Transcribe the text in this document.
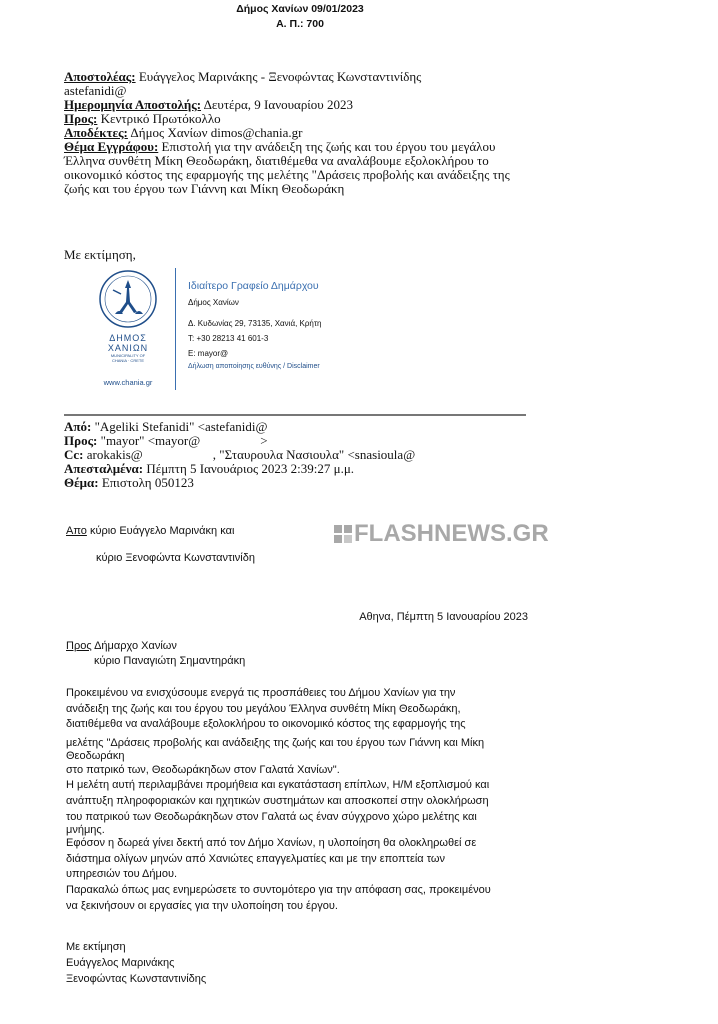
Δήμος Χανίων 09/01/2023
Α. Π.: 700
Αποστολέας: Ευάγγελος Μαρινάκης - Ξενοφώντας Κωνσταντινίδης
astefanidi@
Ημερομηνία Αποστολής: Δευτέρα, 9 Ιανουαρίου 2023
Προς: Κεντρικό Πρωτόκολλο
Αποδέκτες: Δήμος Χανίων dimos@chania.gr
Θέμα Εγγράφου: Επιστολή για την ανάδειξη της ζωής και του έργου του μεγάλου
Έλληνα συνθέτη Μίκη Θεοδωράκη, διατιθέμεθα να αναλάβουμε εξολοκλήρου το
οικονομικό κόστος της εφαρμογής της μελέτης "Δράσεις προβολής και ανάδειξης της
ζωής και του έργου των Γιάννη και Μίκη Θεοδωράκη
Με εκτίμηση,
ΔΗΜΟΣ
ΧΑΝΙΩΝ
MUNICIPALITY OF
CHANIA · CRETE
www.chania.gr
Ιδιαίτερο Γραφείο Δημάρχου
Δήμος Χανίων
Δ. Κυδωνίας 29, 73135, Χανιά, Κρήτη
T: +30 28213 41 601-3
E: mayor@
Δήλωση αποποίησης ευθύνης / Disclaimer
Από: "Ageliki Stefanidi" <astefanidi@
Προς: "mayor" <mayor@	>
Cc: arokakis@	, "Σταυρουλα Νασιουλα" <snasioula@
Απεσταλμένα: Πέμπτη 5 Ιανουάριος 2023 2:39:27 μ.μ.
Θέμα: Επιστολη 050123
Απο κύριο Ευάγγελο Μαρινάκη και
κύριο Ξενοφώντα Κωνσταντινίδη
FLASHNEWS.GR
Αθηνα, Πέμπτη 5 Ιανουαρίου 2023
Προς Δήμαρχο Χανίων
κύριο Παναγιώτη Σημαντηράκη
Προκειμένου να ενισχύσουμε ενεργά τις προσπάθειες του Δήμου Χανίων για την
ανάδειξη της ζωής και του έργου του μεγάλου Έλληνα συνθέτη Μίκη Θεοδωράκη,
διατιθέμεθα να αναλάβουμε εξολοκλήρου το οικονομικό κόστος της εφαρμογής της
μελέτης "Δράσεις προβολής και ανάδειξης της ζωής και του έργου των Γιάννη και Μίκη
Θεοδωράκη
στο πατρικό των, Θεοδωράκηδων στον Γαλατά Χανίων".
Η μελέτη αυτή περιλαμβάνει προμήθεια και εγκατάσταση επίπλων, Η/Μ εξοπλισμού και
ανάπτυξη πληροφοριακών και ηχητικών συστημάτων και αποσκοπεί στην ολοκλήρωση
του πατρικού των Θεοδωράκηδων στον Γαλατά ως έναν σύγχρονο χώρο μελέτης και
μνήμης.
Εφόσον η δωρεά γίνει δεκτή από τον Δήμο Χανίων, η υλοποίηση θα ολοκληρωθεί σε
διάστημα ολίγων μηνών από Χανιώτες επαγγελματίες και με την εποπτεία των
υπηρεσιών του Δήμου.
Παρακαλώ όπως μας ενημερώσετε το συντομότερο για την απόφαση σας, προκειμένου
να ξεκινήσουν οι εργασίες για την υλοποίηση του έργου.
Με εκτίμηση
Ευάγγελος Μαρινάκης
Ξενοφώντας Κωνσταντινίδης
